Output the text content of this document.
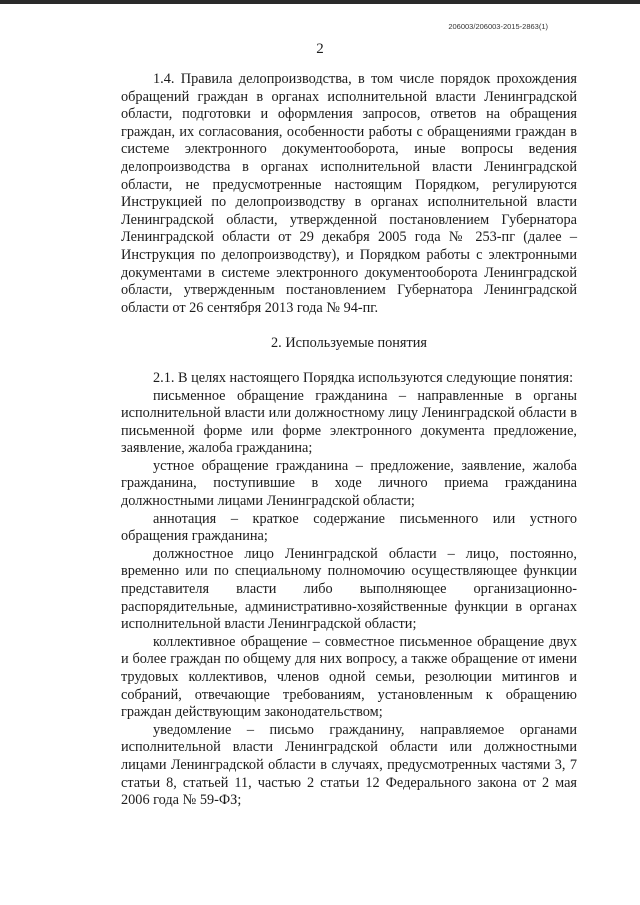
206003/206003-2015-2863(1)
2

1.4. Правила делопроизводства, в том числе порядок прохождения обращений граждан в органах исполнительной власти Ленинградской области, подготовки и оформления запросов, ответов на обращения граждан, их согласования, особенности работы с обращениями граждан в системе электронного документооборота, иные вопросы ведения делопроизводства в органах исполнительной власти Ленинградской области, не предусмотренные настоящим Порядком, регулируются Инструкцией по делопроизводству в органах исполнительной власти Ленинградской области, утвержденной постановлением Губернатора Ленинградской области от 29 декабря 2005 года № 253-пг (далее – Инструкция по делопроизводству), и Порядком работы с электронными документами в системе электронного документооборота Ленинградской области, утвержденным постановлением Губернатора Ленинградской области от 26 сентября 2013 года № 94-пг.

2. Используемые понятия

2.1. В целях настоящего Порядка используются следующие понятия:

письменное обращение гражданина – направленные в органы исполнительной власти или должностному лицу Ленинградской области в письменной форме или форме электронного документа предложение, заявление, жалоба гражданина;

устное обращение гражданина – предложение, заявление, жалоба гражданина, поступившие в ходе личного приема гражданина должностными лицами Ленинградской области;

аннотация – краткое содержание письменного или устного обращения гражданина;

должностное лицо Ленинградской области – лицо, постоянно, временно или по специальному полномочию осуществляющее функции представителя власти либо выполняющее организационно-распорядительные, административно-хозяйственные функции в органах исполнительной власти Ленинградской области;

коллективное обращение – совместное письменное обращение двух и более граждан по общему для них вопросу, а также обращение от имени трудовых коллективов, членов одной семьи, резолюции митингов и собраний, отвечающие требованиям, установленным к обращению граждан действующим законодательством;

уведомление – письмо гражданину, направляемое органами исполнительной власти Ленинградской области или должностными лицами Ленинградской области в случаях, предусмотренных частями 3, 7 статьи 8, статьей 11, частью 2 статьи 12 Федерального закона от 2 мая 2006 года № 59-ФЗ;
